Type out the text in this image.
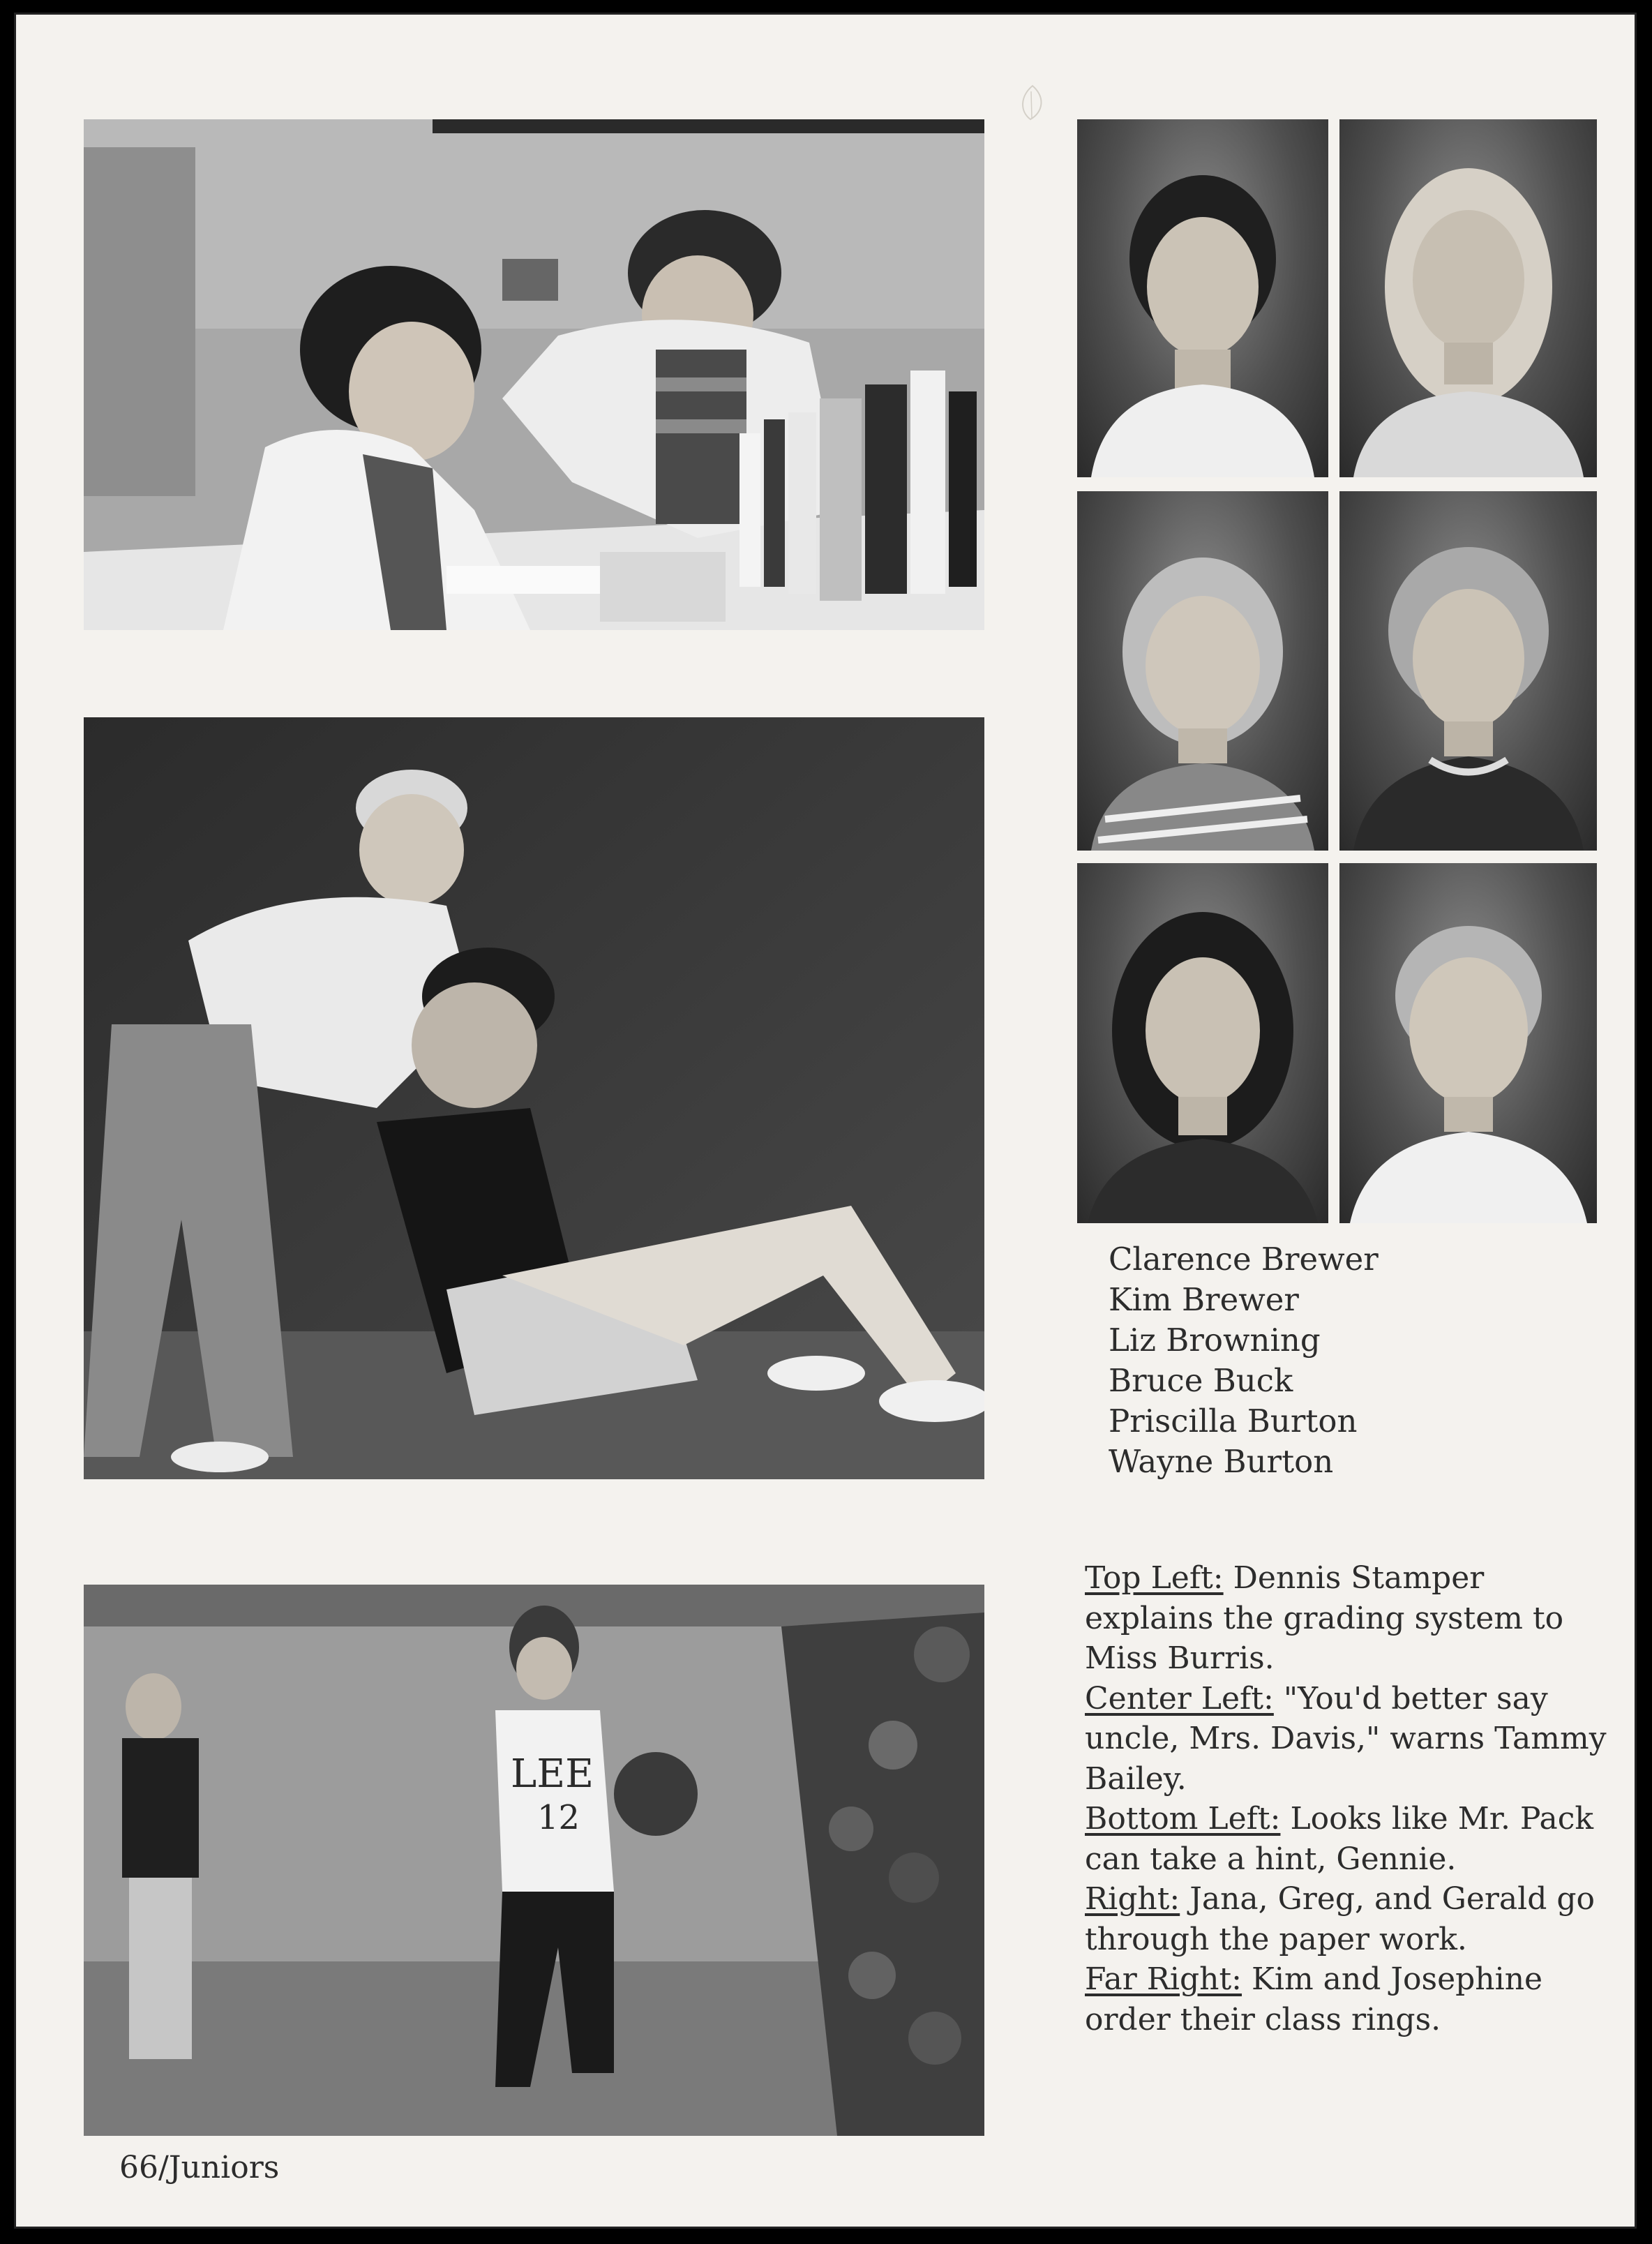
LEE
12
Clarence Brewer
Kim Brewer
Liz Browning
Bruce Buck
Priscilla Burton
Wayne Burton

Top Left: Dennis Stamper explains the grading system to Miss Burris.

Center Left: "You'd better say uncle, Mrs. Davis," warns Tammy Bailey.

Bottom Left: Looks like Mr. Pack can take a hint, Gennie.

Right: Jana, Greg, and Gerald go through the paper work.

Far Right: Kim and Josephine order their class rings.

66/Juniors
